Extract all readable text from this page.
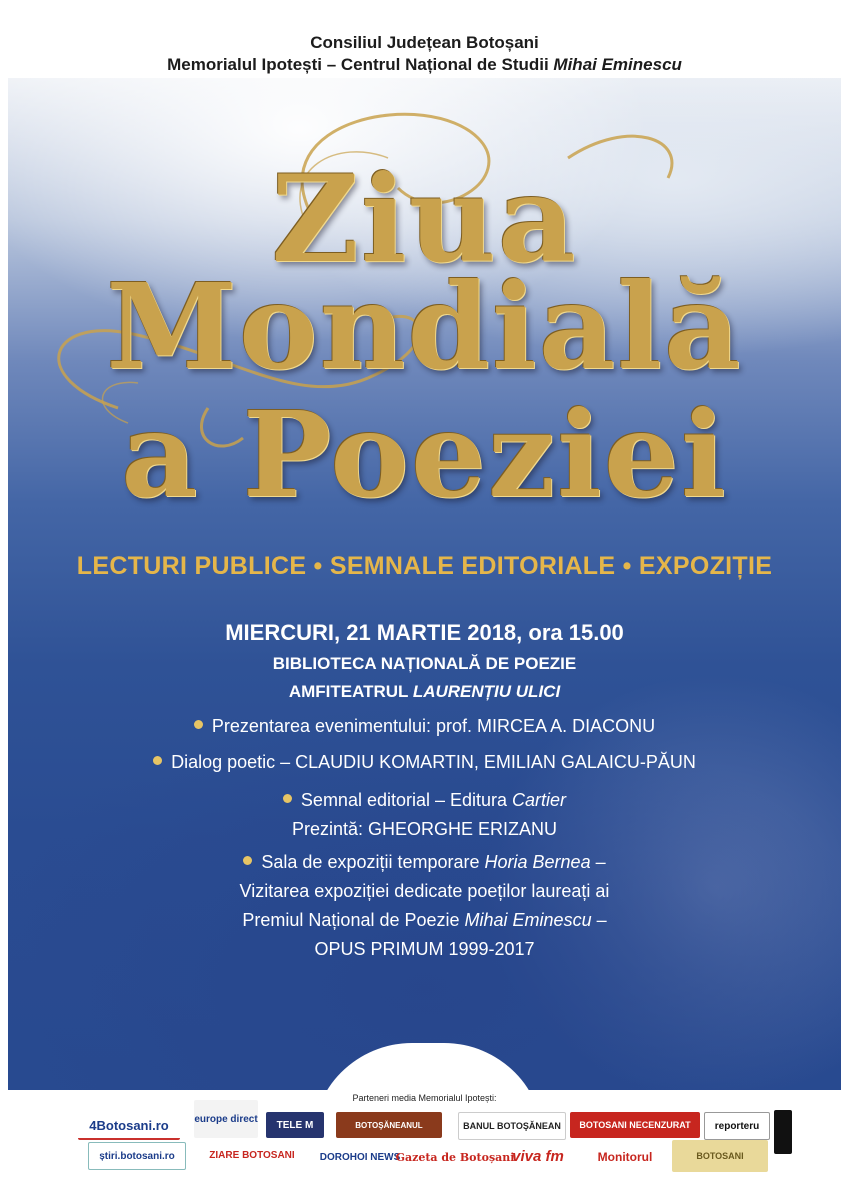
Consiliul Județean Botoșani
Memorialul Ipotești – Centrul Național de Studii Mihai Eminescu
Ziua
Mondială
a Poeziei
LECTURI PUBLICE • SEMNALE EDITORIALE • EXPOZIȚIE
MIERCURI, 21 MARTIE 2018, ora 15.00
BIBLIOTECA NAȚIONALĂ DE POEZIE
AMFITEATRUL LAURENȚIU ULICI
Prezentarea evenimentului: prof. MIRCEA A. DIACONU
Dialog poetic – CLAUDIU KOMARTIN, EMILIAN GALAICU-PĂUN
Semnal editorial – Editura Cartier
Prezintă: GHEORGHE ERIZANU
Sala de expoziții temporare Horia Bernea –
Vizitarea expoziției dedicate poeților laureați ai
Premiul Național de Poezie Mihai Eminescu –
OPUS PRIMUM 1999-2017
Parteneri media Memorialul Ipotești:
4Botosani.ro	europe direct
TELE M	BOTOŞĂNEANUL	BANUL BOTOŞĂNEAN	BOTOSANI NECENZURAT	reporteru
știri.botosani.ro	ZIARE BOTOSANI	DOROHOI NEWS
Gazeta de Botoșani
viva fm	Monitorul	BOTOSANI
